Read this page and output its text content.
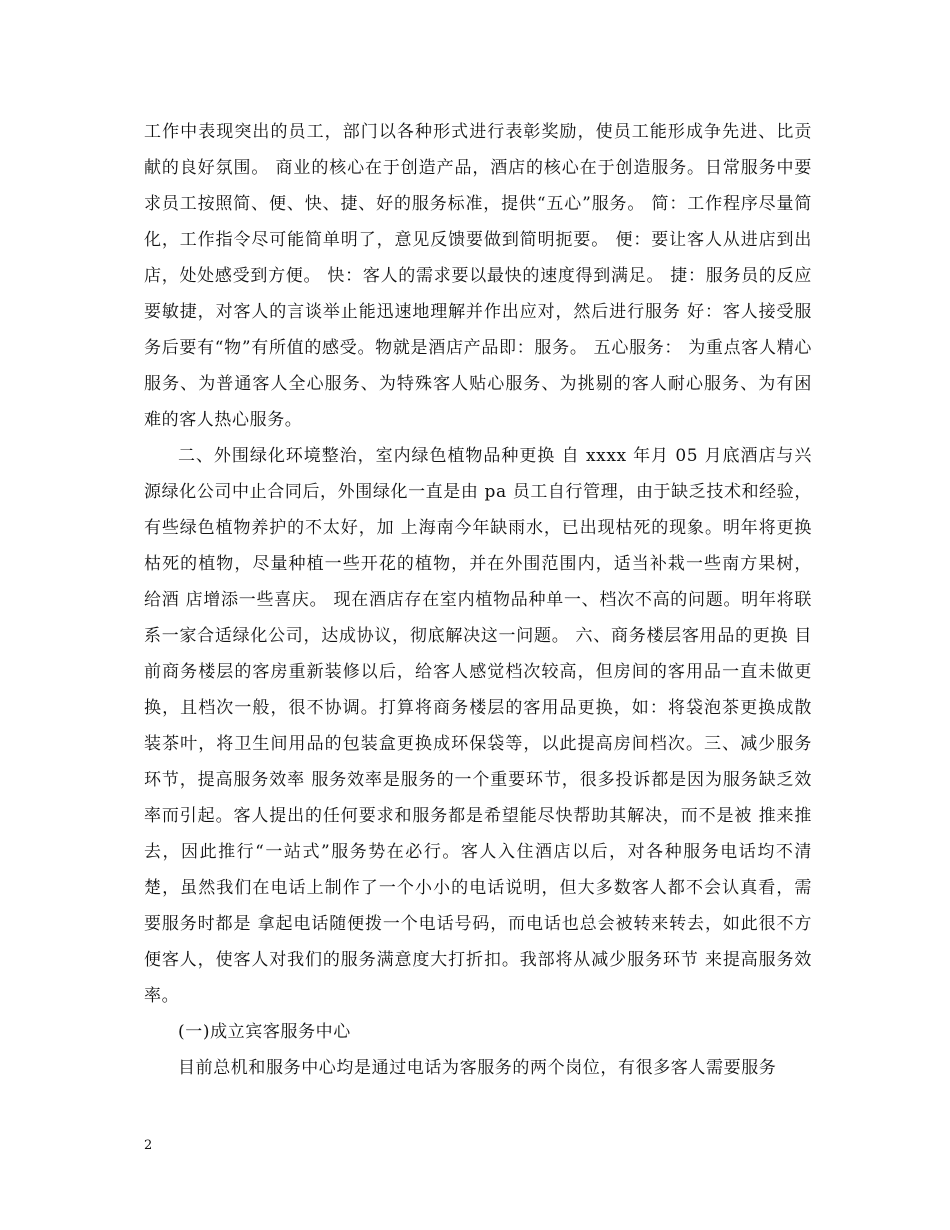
工作中表现突出的员工，部门以各种形式进行表彰奖励，使员工能形成争先进、比贡献的良好氛围。 商业的核心在于创造产品，酒店的核心在于创造服务。日常服务中要求员工按照简、便、快、捷、好的服务标准，提供“五心”服务。 简：工作程序尽量简化，工作指令尽可能简单明了，意见反馈要做到简明扼要。 便：要让客人从进店到出店，处处感受到方便。 快：客人的需求要以最快的速度得到满足。 捷：服务员的反应要敏捷，对客人的言谈举止能迅速地理解并作出应对，然后进行服务 好：客人接受服务后要有“物”有所值的感受。物就是酒店产品即：服务。 五心服务： 为重点客人精心服务、为普通客人全心服务、为特殊客人贴心服务、为挑剔的客人耐心服务、为有困难的客人热心服务。

二、外围绿化环境整治，室内绿色植物品种更换 自 xxxx 年月 05 月底酒店与兴源绿化公司中止合同后，外围绿化一直是由 pa 员工自行管理，由于缺乏技术和经验，有些绿色植物养护的不太好，加 上海南今年缺雨水，已出现枯死的现象。明年将更换枯死的植物，尽量种植一些开花的植物，并在外围范围内，适当补栽一些南方果树，给酒 店增添一些喜庆。 现在酒店存在室内植物品种单一、档次不高的问题。明年将联系一家合适绿化公司，达成协议，彻底解决这一问题。 六、商务楼层客用品的更换 目前商务楼层的客房重新装修以后，给客人感觉档次较高，但房间的客用品一直未做更换，且档次一般，很不协调。打算将商务楼层的客用品更换，如：将袋泡茶更换成散装茶叶，将卫生间用品的包装盒更换成环保袋等，以此提高房间档次。三、减少服务环节，提高服务效率 服务效率是服务的一个重要环节，很多投诉都是因为服务缺乏效率而引起。客人提出的任何要求和服务都是希望能尽快帮助其解决，而不是被 推来推去，因此推行“一站式”服务势在必行。客人入住酒店以后，对各种服务电话均不清楚，虽然我们在电话上制作了一个小小的电话说明，但大多数客人都不会认真看，需要服务时都是 拿起电话随便拨一个电话号码，而电话也总会被转来转去，如此很不方便客人，使客人对我们的服务满意度大打折扣。我部将从减少服务环节 来提高服务效率。

(一)成立宾客服务中心

目前总机和服务中心均是通过电话为客服务的两个岗位，有很多客人需要服务

2
